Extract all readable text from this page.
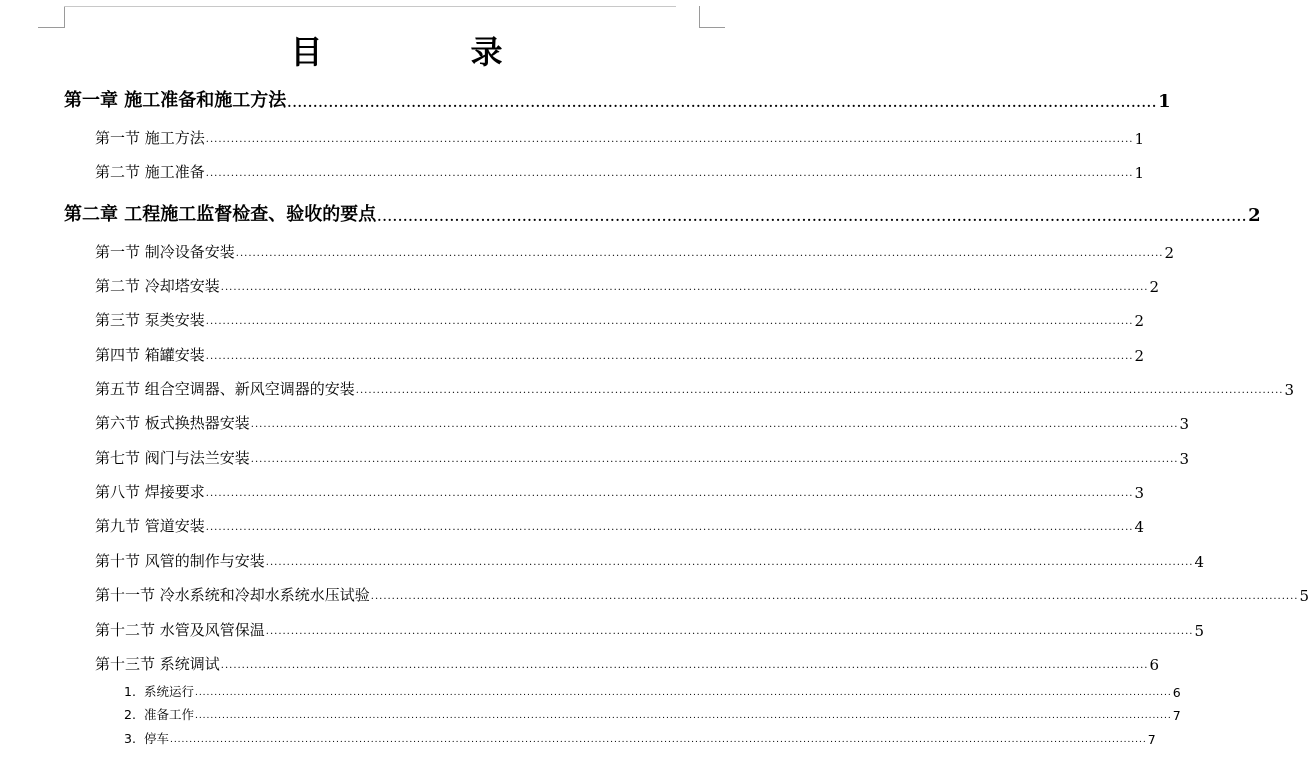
目　录
第一章 施工准备和施工方法 ........................................................................................................................................................................ 1
第一节 施工方法 .............................................................................................................................................................................................................................. 1
第二节 施工准备 .............................................................................................................................................................................................................................. 1
第二章 工程施工监督检查、验收的要点 ........................................................................................................................................................................ 2
第一节 制冷设备安装 .............................................................................................................................................................................................................................. 2
第二节 冷却塔安装 .............................................................................................................................................................................................................................. 2
第三节 泵类安装 .............................................................................................................................................................................................................................. 2
第四节 箱罐安装 .............................................................................................................................................................................................................................. 2
第五节 组合空调器、新风空调器的安装 .............................................................................................................................................................................................................................. 3
第六节 板式换热器安装 .............................................................................................................................................................................................................................. 3
第七节 阀门与法兰安装 .............................................................................................................................................................................................................................. 3
第八节 焊接要求 .............................................................................................................................................................................................................................. 3
第九节 管道安装 .............................................................................................................................................................................................................................. 4
第十节 风管的制作与安装 .............................................................................................................................................................................................................................. 4
第十一节 冷水系统和冷却水系统水压试验 .............................................................................................................................................................................................................................. 5
第十二节 水管及风管保温 .............................................................................................................................................................................................................................. 5
第十三节 系统调试 .............................................................................................................................................................................................................................. 6
1. 系统运行 ............................................................................................................................................................................................................................................................. 6
2. 准备工作 ............................................................................................................................................................................................................................................................. 7
3. 停车 ............................................................................................................................................................................................................................................................. 7
